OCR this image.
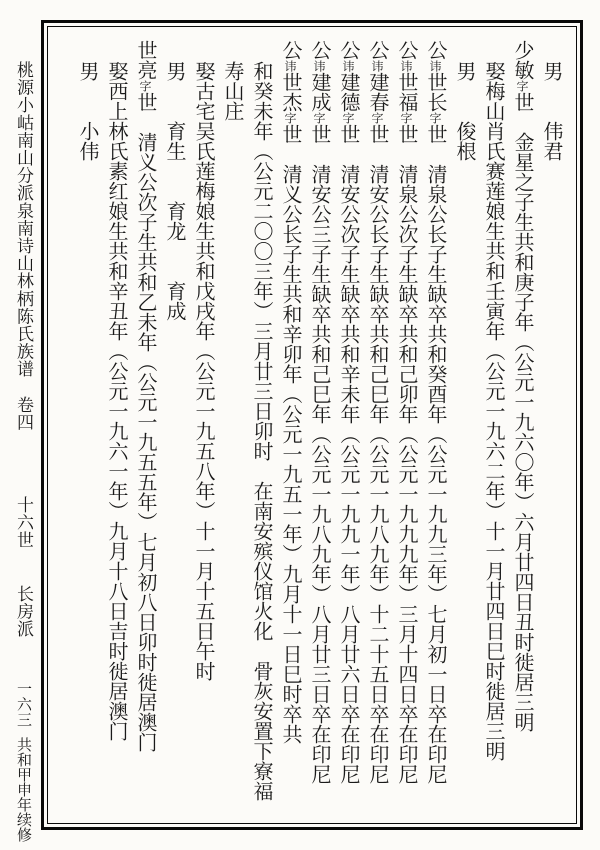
桃源小岵南山分派泉南诗山林柄陈氏族谱
卷四
十六世
长房派
一六三
共和甲申年续修
男　　伟君
少敏字世　金星之子生共和庚子年︵公元一九六〇年︶六月廿四日丑时徙居三明
娶梅山肖氏赛莲娘生共和壬寅年︵公元一九六二年︶十一月廿四日巳时徙居三明
男　　俊根
公讳世长字世　清泉公长子生缺卒共和癸酉年︵公元一九九三年︶七月初一日卒在印尼
公讳世福字世　清泉公次子生缺卒共和己卯年︵公元一九九九年︶三月十四日卒在印尼
公讳建春字世　清安公长子生缺卒共和己巳年︵公元一九八九年︶十二十五日卒在印尼
公讳建德字世　清安公次子生缺卒共和辛未年︵公元一九九一年︶八月廿六日卒在印尼
公讳建成字世　清安公三子生缺卒共和己巳年︵公元一九八九年︶八月廿三日卒在印尼
公讳世杰字世　清义公长子生共和辛卯年︵公元一九五一年︶九月十一日巳时卒共
和癸未年︵公元二〇〇三年︶三月廿三日卯时　在南安殡仪馆火化　骨灰安置下寮福
寿山庄
娶古宅吴氏莲梅娘生共和戊戌年︵公元一九五八年︶十一月十五日午时
男　　育生　　育龙　　育成
世亮字世　清义公次子生共和乙未年︵公元一九五五年︶七月初八日卯时徙居澳门
娶西上林氏素红娘生共和辛丑年︵公元一九六一年︶九月十八日吉时徙居澳门
男　　小伟
